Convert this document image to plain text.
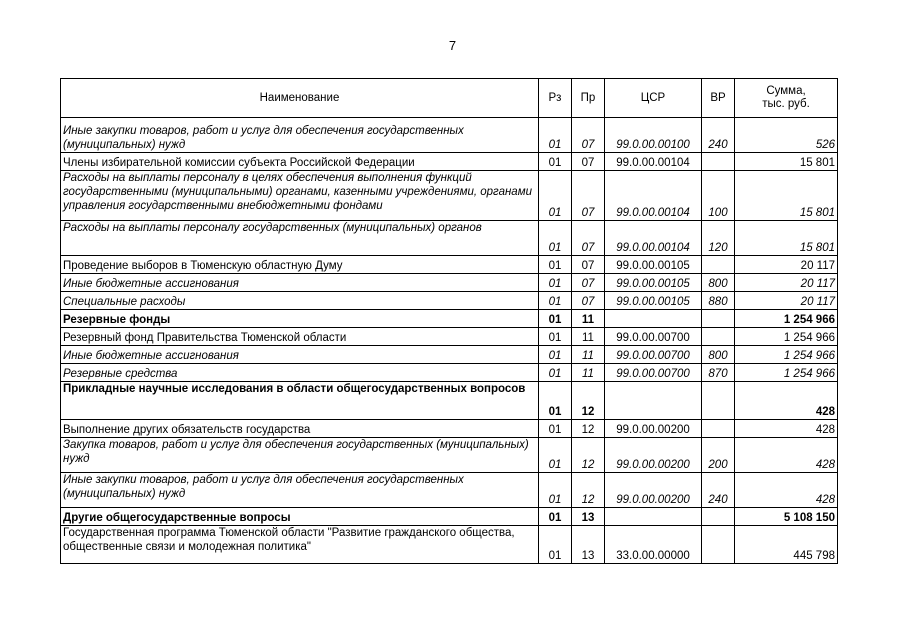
7
Наименование	Рз	Пр	ЦСР	ВР	Сумма,
тыс. руб.

Иные закупки товаров, работ и услуг для обеспечения государственных (муниципальных) нужд	01	07	99.0.00.00100	240	526
Члены избирательной комиссии субъекта Российской Федерации	01	07	99.0.00.00104		15 801
Расходы на выплаты персоналу в целях обеспечения выполнения функций государственными (муниципальными) органами, казенными учреждениями, органами управления государственными внебюджетными фондами	01	07	99.0.00.00104	100	15 801
Расходы на выплаты персоналу государственных (муниципальных) органов	01	07	99.0.00.00104	120	15 801
Проведение выборов в Тюменскую областную Думу	01	07	99.0.00.00105		20 117
Иные бюджетные ассигнования	01	07	99.0.00.00105	800	20 117
Специальные расходы	01	07	99.0.00.00105	880	20 117
Резервные фонды	01	11			1 254 966
Резервный фонд Правительства Тюменской области	01	11	99.0.00.00700		1 254 966
Иные бюджетные ассигнования	01	11	99.0.00.00700	800	1 254 966
Резервные средства	01	11	99.0.00.00700	870	1 254 966
Прикладные научные исследования в области общегосударственных вопросов	01	12			428
Выполнение других обязательств государства	01	12	99.0.00.00200		428
Закупка товаров, работ и услуг для обеспечения государственных (муниципальных) нужд	01	12	99.0.00.00200	200	428
Иные закупки товаров, работ и услуг для обеспечения государственных (муниципальных) нужд	01	12	99.0.00.00200	240	428
Другие общегосударственные вопросы	01	13			5 108 150
Государственная программа Тюменской области "Развитие гражданского общества, общественные связи и молодежная политика"	01	13	33.0.00.00000		445 798
